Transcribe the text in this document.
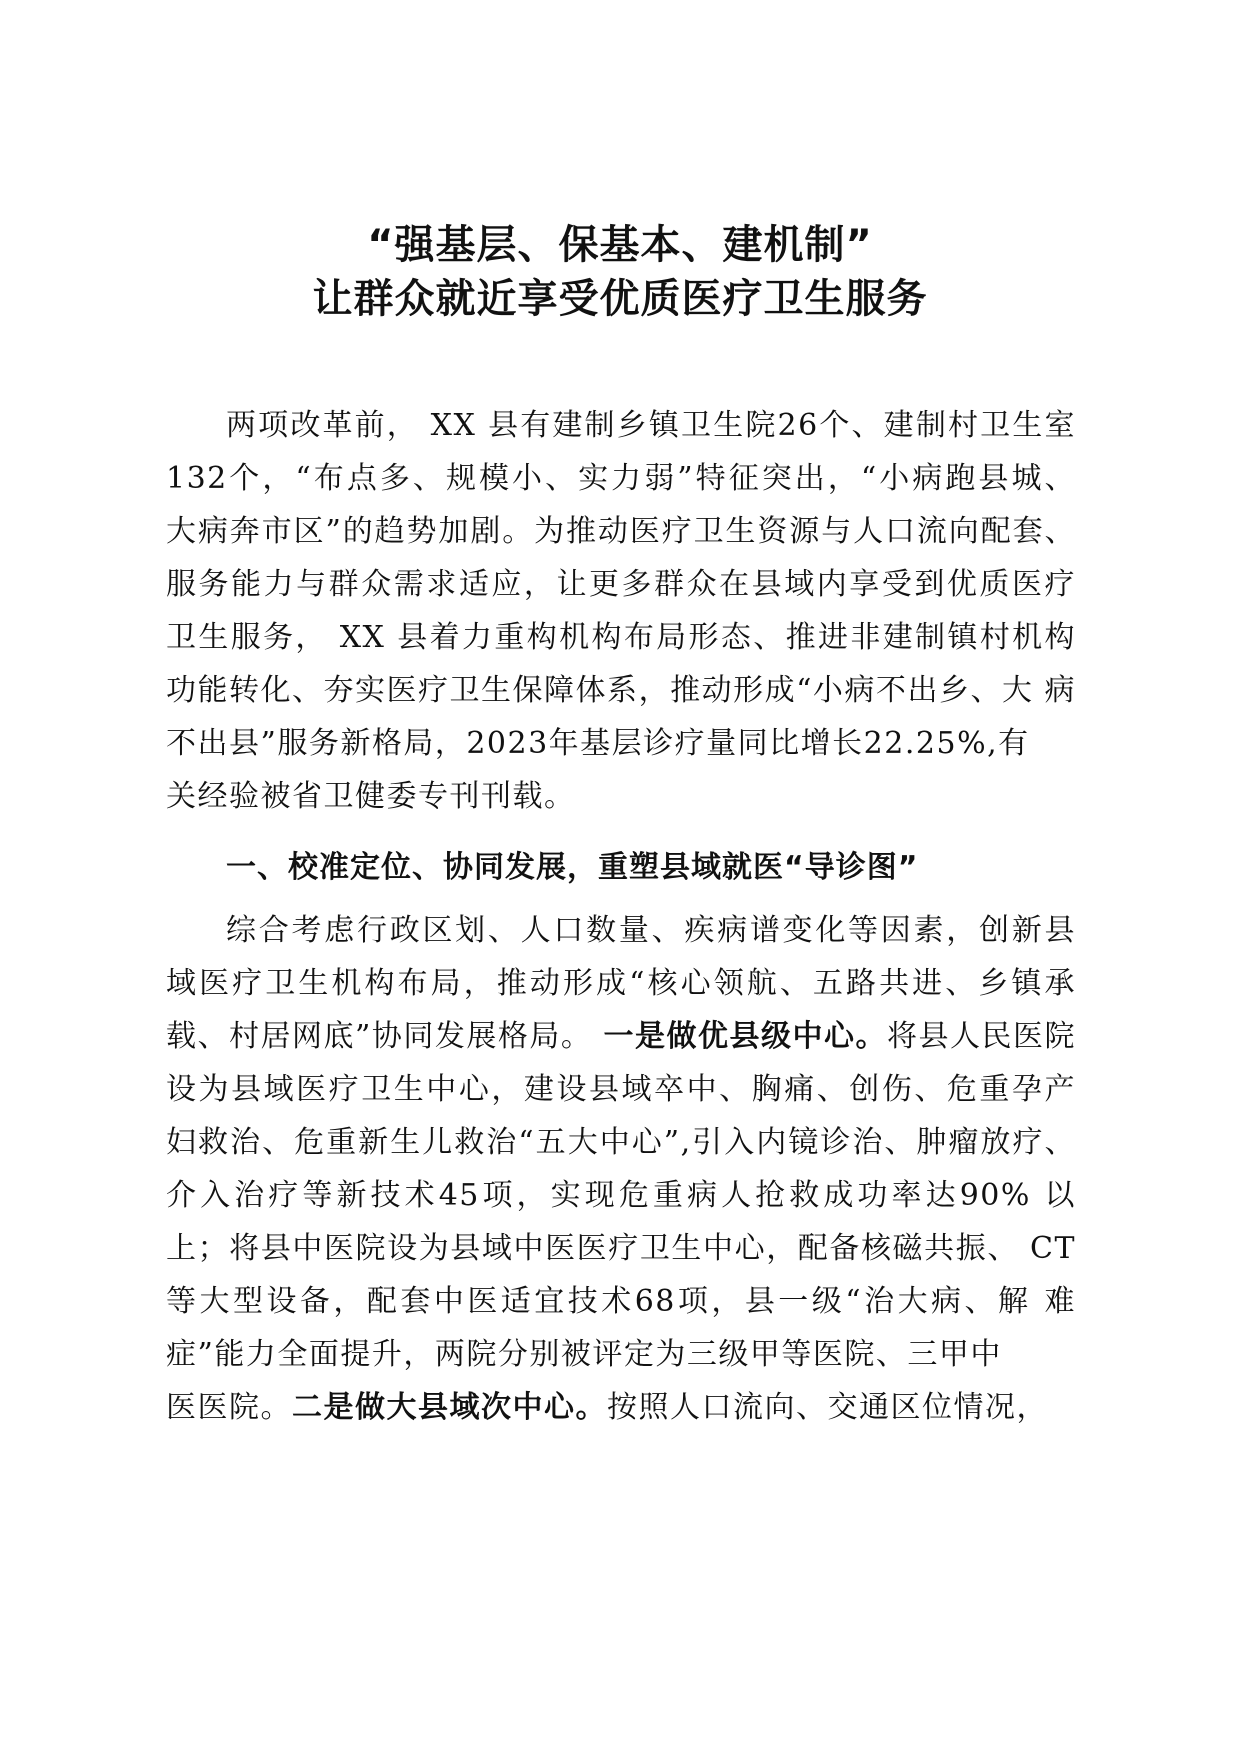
“强基层、保基本、建机制”
让群众就近享受优质医疗卫生服务

两项改革前， XX 县有建制乡镇卫生院26个、建制村卫生室 132个，“布点多、规模小、实力弱”特征突出，“小病跑县城、 大病奔市区”的趋势加剧。为推动医疗卫生资源与人口流向配套、 服务能力与群众需求适应，让更多群众在县域内享受到优质医疗 卫生服务， XX 县着力重构机构布局形态、推进非建制镇村机构 功能转化、夯实医疗卫生保障体系，推动形成“小病不出乡、大 病不出县”服务新格局，2023年基层诊疗量同比增长22.25%,有

关经验被省卫健委专刊刊载。

一、校准定位、协同发展，重塑县域就医“导诊图”

综合考虑行政区划、人口数量、疾病谱变化等因素，创新县域医疗卫生机构布局，推动形成“核心领航、五路共进、乡镇承载、村居网底”协同发展格局。 一是做优县级中心。将县人民医院设为县域医疗卫生中心，建设县域卒中、胸痛、创伤、危重孕产妇救治、危重新生儿救治“五大中心”,引入内镜诊治、肿瘤放疗、介入治疗等新技术45项，实现危重病人抢救成功率达90% 以上；将县中医院设为县域中医医疗卫生中心，配备核磁共振、 CT 等大型设备，配套中医适宜技术68项，县一级“治大病、解 难症”能力全面提升，两院分别被评定为三级甲等医院、三甲中

医医院。二是做大县域次中心。按照人口流向、交通区位情况，
